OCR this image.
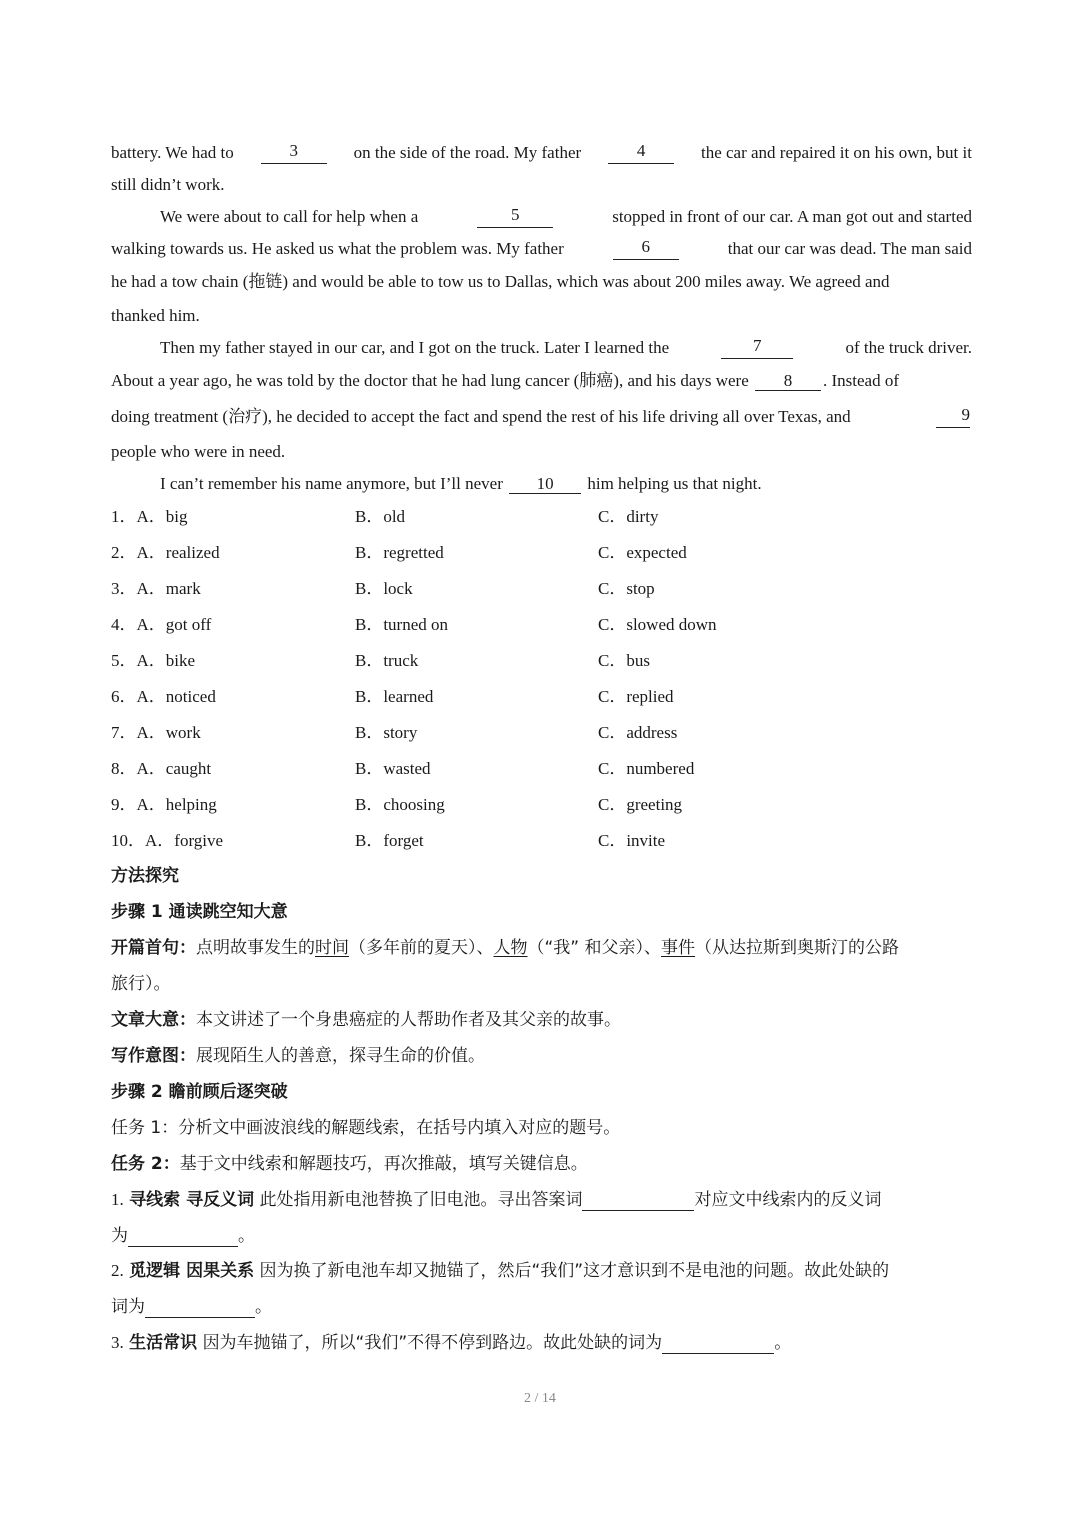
battery. We had to	3	on the side of the road. My father	4	the car and repaired it on his own, but it
still didn’t work.
We were about to call for help when a	5	stopped in front of our car. A man got out and started
walking towards us. He asked us what the problem was. My father	6	that our car was dead. The man said
he had a tow chain (拖链) and would be able to tow us to Dallas, which was about 200 miles away. We agreed and
thanked him.
Then my father stayed in our car, and I got on the truck. Later I learned the	7	of the truck driver.
About a year ago, he was told by the doctor that he had lung cancer (肺癌), and his days were 8 . Instead of
doing treatment (治疗), he decided to accept the fact and spend the rest of his life driving all over Texas, and	9
people who were in need.
I can’t remember his name anymore, but I’ll never 10 him helping us that night.
1．A．big	B．old	C．dirty
2．A．realized	B．regretted	C．expected
3．A．mark	B．lock	C．stop
4．A．got off	B．turned on	C．slowed down
5．A．bike	B．truck	C．bus
6．A．noticed	B．learned	C．replied
7．A．work	B．story	C．address
8．A．caught	B．wasted	C．numbered
9．A．helping	B．choosing	C．greeting
10．A．forgive	B．forget	C．invite
方法探究
步骤 1 通读跳空知大意
开篇首句：点明故事发生的时间（多年前的夏天）、人物（“我” 和父亲）、事件（从达拉斯到奥斯汀的公路
旅行）。
文章大意：本文讲述了一个身患癌症的人帮助作者及其父亲的故事。
写作意图：展现陌生人的善意，探寻生命的价值。
步骤 2 瞻前顾后逐突破
任务 1：分析文中画波浪线的解题线索，在括号内填入对应的题号。
任务 2：基于文中线索和解题技巧，再次推敲，填写关键信息。
1. 寻线索 寻反义词 此处指用新电池替换了旧电池。寻出答案词	对应文中线索内的反义词
为	。
2. 觅逻辑 因果关系 因为换了新电池车却又抛锚了，然后“我们”这才意识到不是电池的问题。故此处缺的
词为	。
3. 生活常识 因为车抛锚了，所以“我们”不得不停到路边。故此处缺的词为	。
2 / 14
